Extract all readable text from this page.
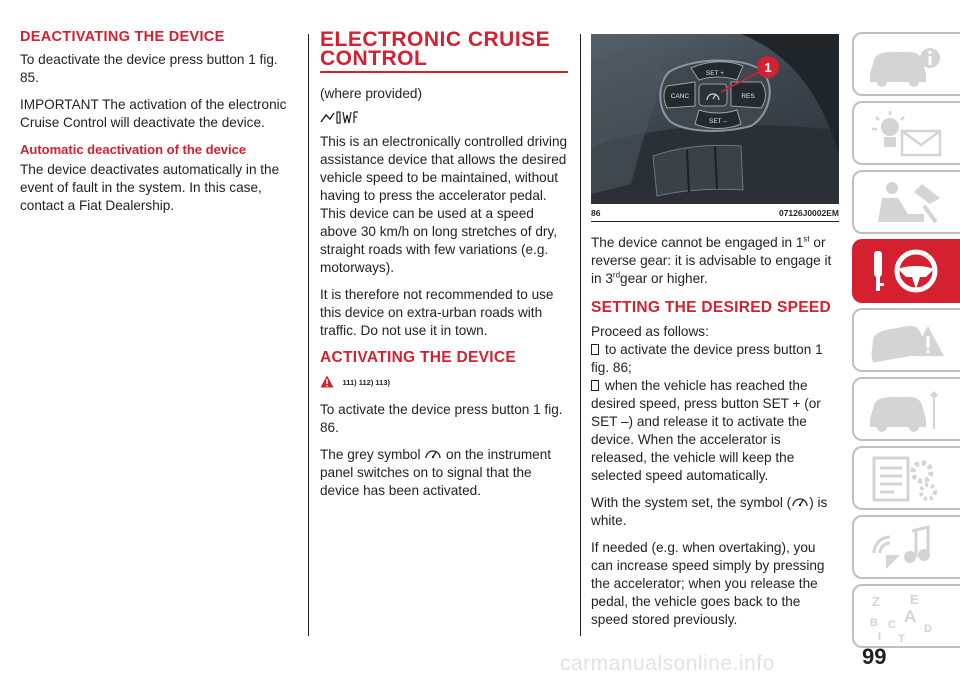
DEACTIVATING THE DEVICE

To deactivate the device press button 1 fig. 85.

IMPORTANT The activation of the electronic Cruise Control will deactivate the device.

Automatic deactivation of the device

The device deactivates automatically in the event of fault in the system. In this case, contact a Fiat Dealership.

ELECTRONIC CRUISE CONTROL

(where provided)

This is an electronically controlled driving assistance device that allows the desired vehicle speed to be maintained, without having to press the accelerator pedal. This device can be used at a speed above 30 km/h on long stretches of dry, straight roads with few variations (e.g. motorways).

It is therefore not recommended to use this device on extra-urban roads with traffic. Do not use it in town.

ACTIVATING THE DEVICE
111) 112) 113)

To activate the device press button 1 fig. 86.

The grey symbol on the instrument panel switches on to signal that the device has been activated.

SET +
CANC	RES
SET –
1
86	07126J0002EM

The device cannot be engaged in 1st or reverse gear: it is advisable to engage it in 3rdgear or higher.

SETTING THE DESIRED SPEED

Proceed as follows:

to activate the device press button 1 fig. 86;

when the vehicle has reached the desired speed, press button SET + (or SET –) and release it to activate the device. When the accelerator is released, the vehicle will keep the selected speed automatically.

With the system set, the symbol ( ) is white.

If needed (e.g. when overtaking), you can increase speed simply by pressing the accelerator; when you release the pedal, the vehicle goes back to the speed stored previously.

Z E
A
B C	D
I T
carmanualsonline.info	99
